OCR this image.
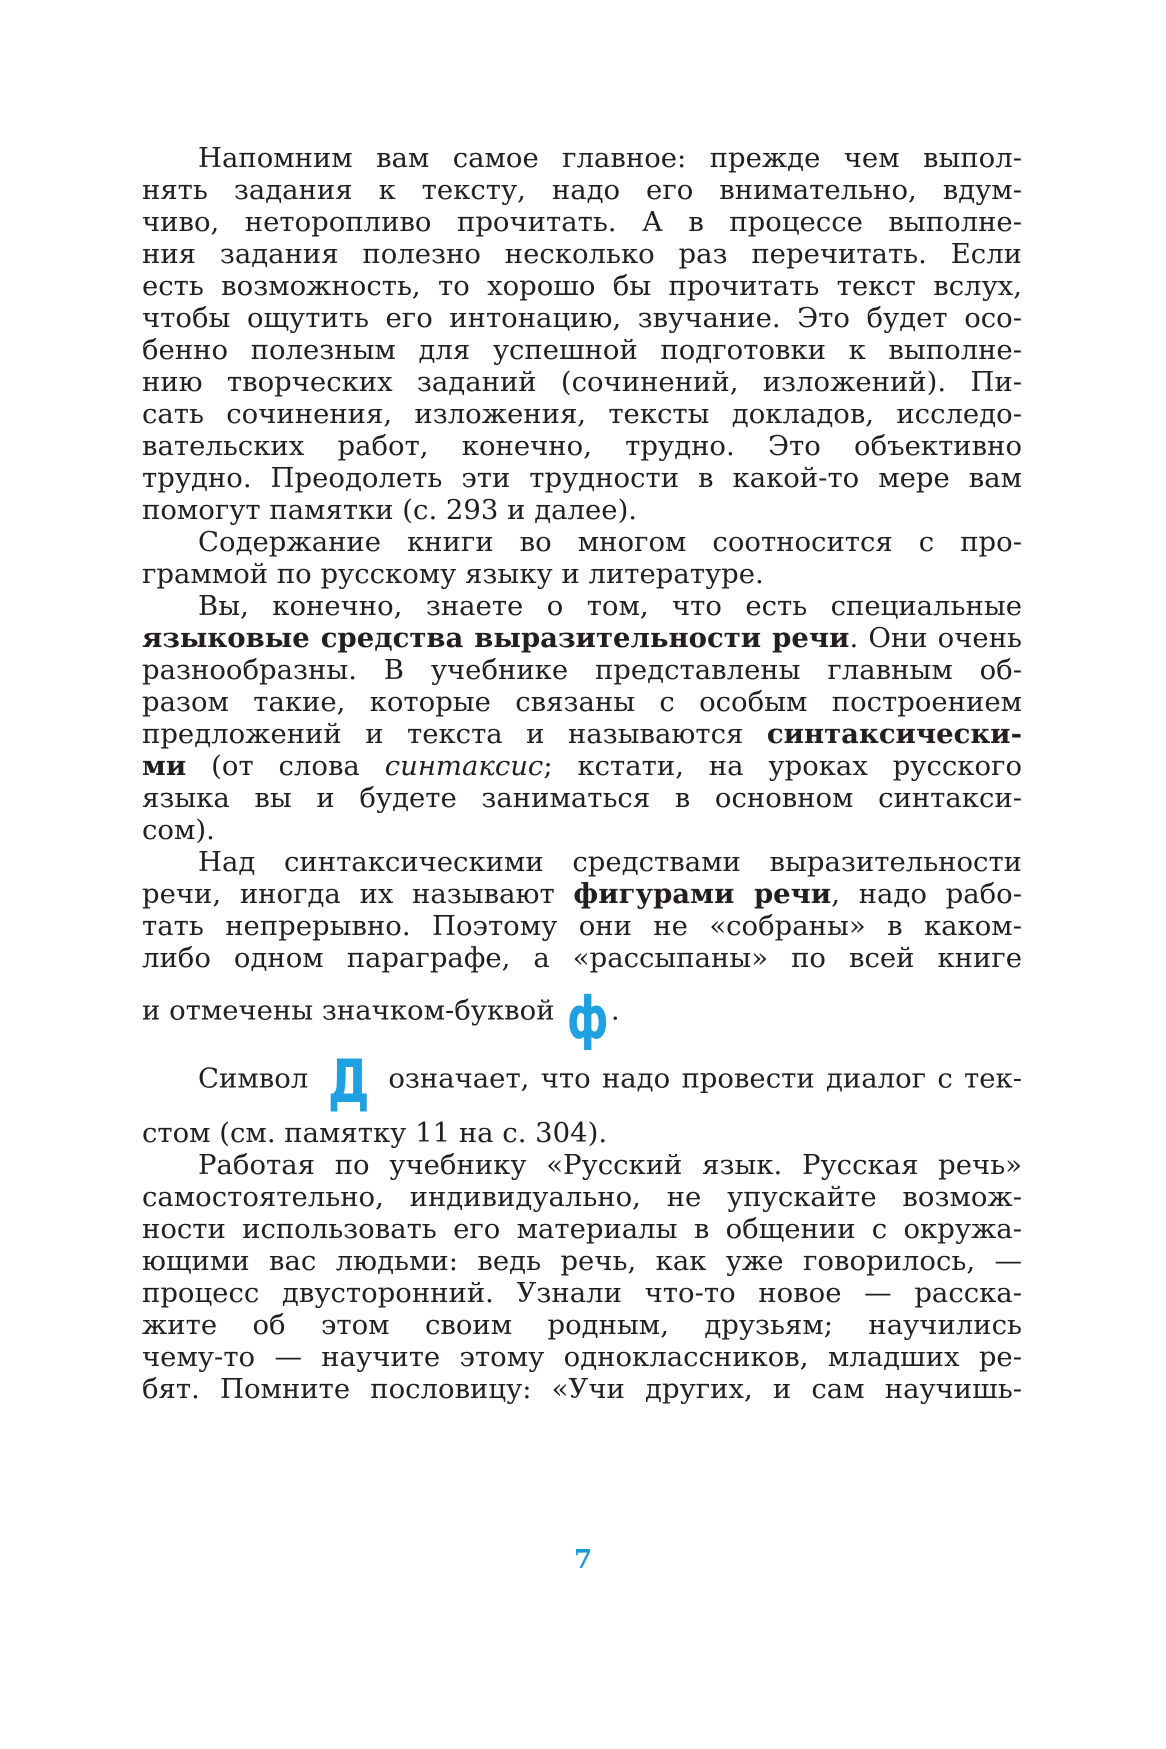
Напомним вам самое главное: прежде чем выпол-
нять задания к тексту, надо его внимательно, вдум-
чиво, неторопливо прочитать. А в процессе выполне-
ния задания полезно несколько раз перечитать. Если
есть возможность, то хорошо бы прочитать текст вслух,
чтобы ощутить его интонацию, звучание. Это будет осо-
бенно полезным для успешной подготовки к выполне-
нию творческих заданий (сочинений, изложений). Пи-
сать сочинения, изложения, тексты докладов, исследо-
вательских работ, конечно, трудно. Это объективно
трудно. Преодолеть эти трудности в какой-то мере вам
помогут памятки (с. 293 и далее).
Содержание книги во многом соотносится с про-
граммой по русскому языку и литературе.
Вы, конечно, знаете о том, что есть специальные
языковые средства выразительности речи. Они очень
разнообразны. В учебнике представлены главным об-
разом такие, которые связаны с особым построением
предложений и текста и называются синтаксически-
ми (от слова синтаксис; кстати, на уроках русского
языка вы и будете заниматься в основном синтакси-
сом).
Над синтаксическими средствами выразительности
речи, иногда их называют фигурами речи, надо рабо-
тать непрерывно. Поэтому они не «собраны» в каком-
либо одном параграфе, а «рассыпаны» по всей книге
и отмечены значком-буквой ф.
Символ Д означает, что надо провести диалог с тек-
стом (см. памятку 11 на с. 304).
Работая по учебнику «Русский язык. Русская речь»
самостоятельно, индивидуально, не упускайте возмож-
ности использовать его материалы в общении с окружа-
ющими вас людьми: ведь речь, как уже говорилось, —
процесс двусторонний. Узнали что-то новое — расска-
жите об этом своим родным, друзьям; научились
чему-то — научите этому одноклассников, младших ре-
бят. Помните пословицу: «Учи других, и сам научишь-
7
